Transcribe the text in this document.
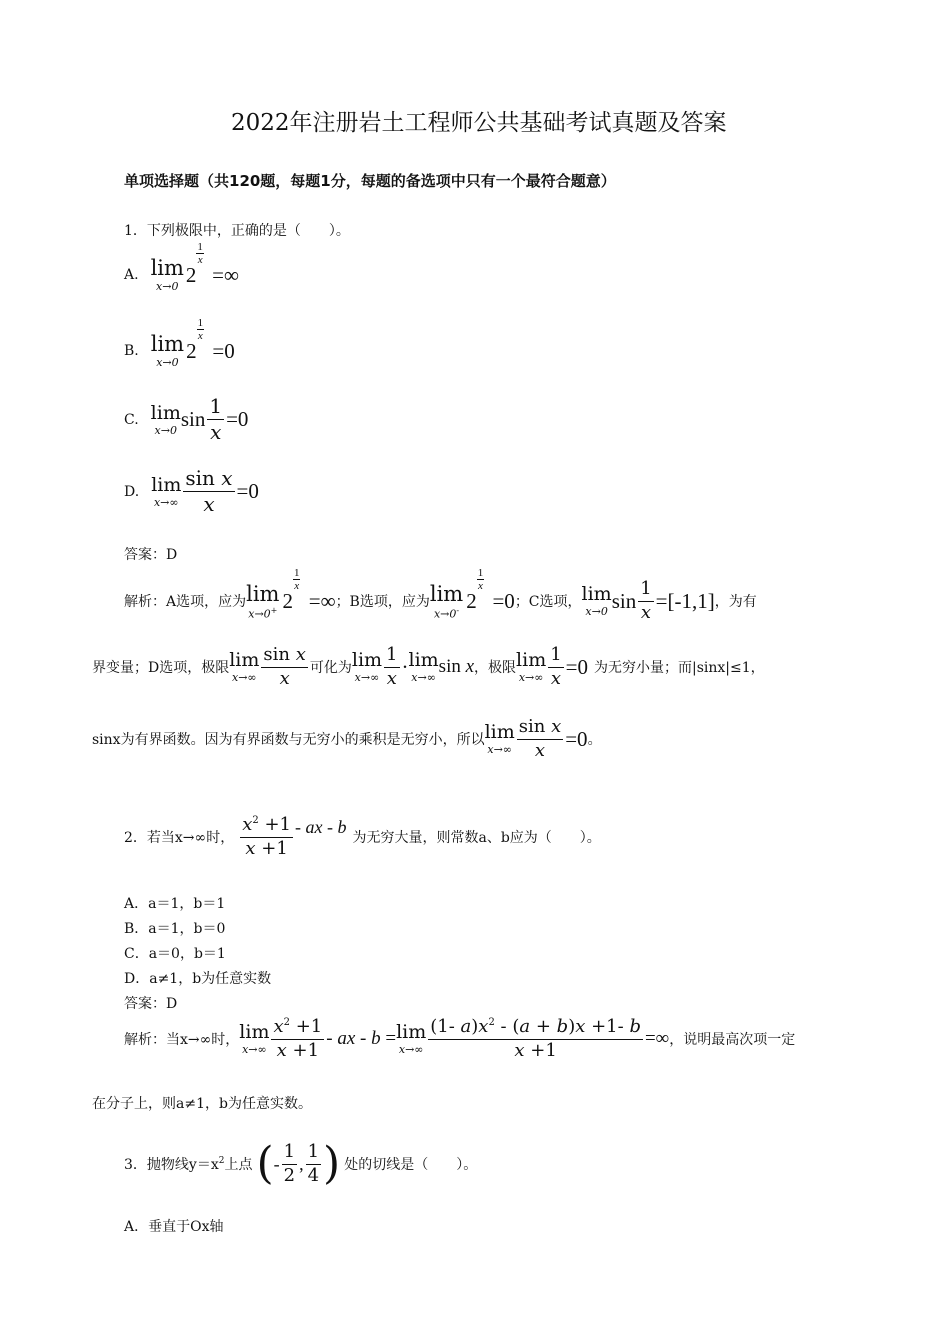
2022年注册岩土工程师公共基础考试真题及答案
单项选择题（共120题，每题1分，每题的备选项中只有一个最符合题意）
1．下列极限中，正确的是（　　）。
A. lim
x→0 2
1
x
=∞
B. lim
x→0 2
1
x
=0
C. lim
x→0 $\sin \frac{1}{x} =0$
D. lim
$x\to\infty \frac{\text{sin x}}{x} =0$
答案：D
解析：A选项，应为 lim
x→0+ 2
1
x
=∞ ；B选项，应为 lim
x→0- 2
1
x
=0 ；C选项， lim
x→0 $\sin \frac{1}{x} =[-1,1]$ ，为有
界变量；D选项，极限 lim
$x\to\infty \frac{\text{sin x}}{x}$ 可化为 lim
$x\to\infty \frac{1}{x} \cdot \lim$
x→∞
sin x ，极限 lim
$x\to\infty \frac{1}{x} =0$ 为无穷小量；而|sinx|≤1，
sinx为有界函数。因为有界函数与无穷小的乘积是无穷小，所以 lim
$x\to\infty \frac{\text{sin x}}{x} =0$ 。
2．若当x→∞时， $\frac{x^2 +1}{x +1}$ - ax - b
为无穷大量，则常数a、b应为（　　）。
A．a＝1，b＝1
B．a＝1，b＝0
C．a＝0，b＝1
D．a≠1，b为任意实数
答案：D
解析：当x→∞时， lim
$x\to\infty \frac{x^2 +1}{x +1}$ - ax - b = lim
$x\to\infty \frac{(1- a)x^2 - (a + b)x +1- b}{x +1}$ =∞ ，说明最高次项一定
在分子上，则a≠1，b为任意实数。
3．抛物线y＝x 2 上点 ( - $\frac{1}{2}$ , $\frac{1}{4}$ ) 处的切线是（　　）。
A．垂直于Ox轴
